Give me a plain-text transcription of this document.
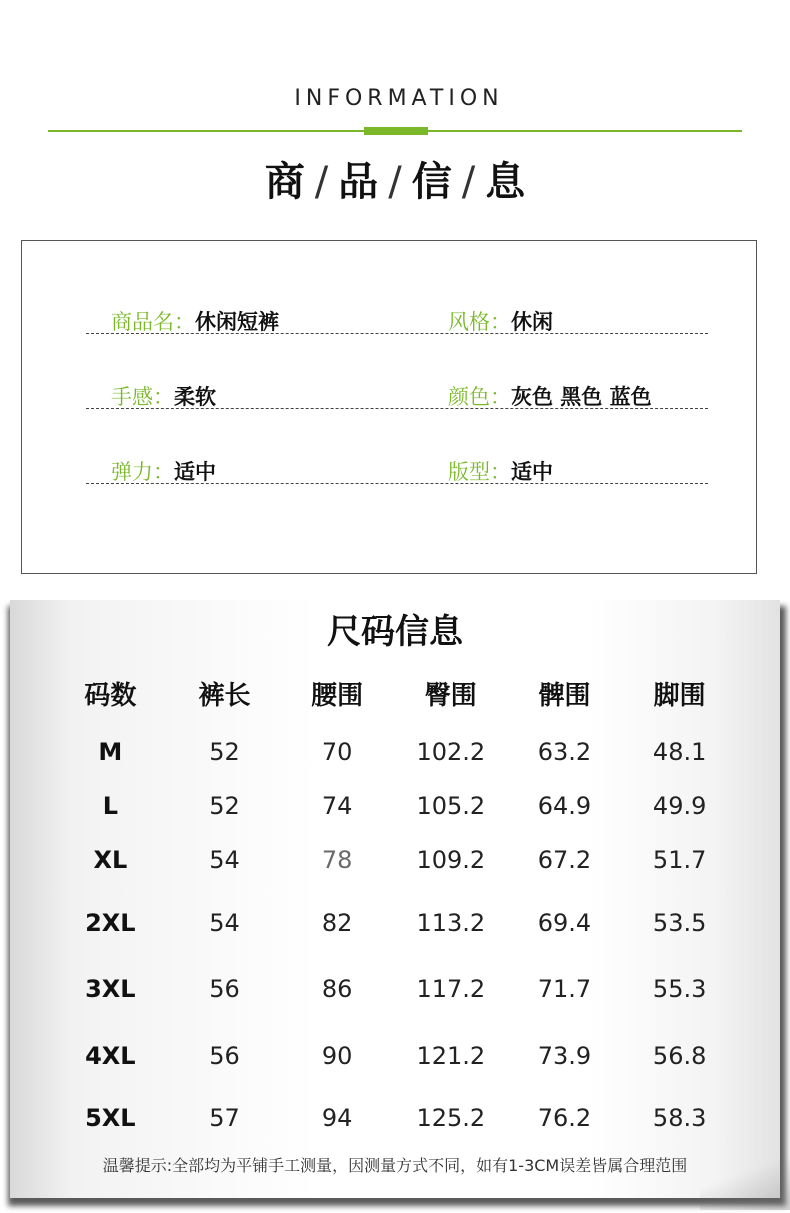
INFORMATION
商 / 品 / 信 / 息
商品名：休闲短裤	风格：休闲
手感：柔软	颜色：灰色 黑色 蓝色
弹力：适中	版型：适中
尺码信息
码数	裤长	腰围	臀围	髀围	脚围
M	52	70	102.2	63.2	48.1
L	52	74	105.2	64.9	49.9
XL	54	78	109.2	67.2	51.7
2XL	54	82	113.2	69.4	53.5
3XL	56	86	117.2	71.7	55.3
4XL	56	90	121.2	73.9	56.8
5XL	57	94	125.2	76.2	58.3
温馨提示:全部均为平铺手工测量，因测量方式不同，如有1-3CM误差皆属合理范围
